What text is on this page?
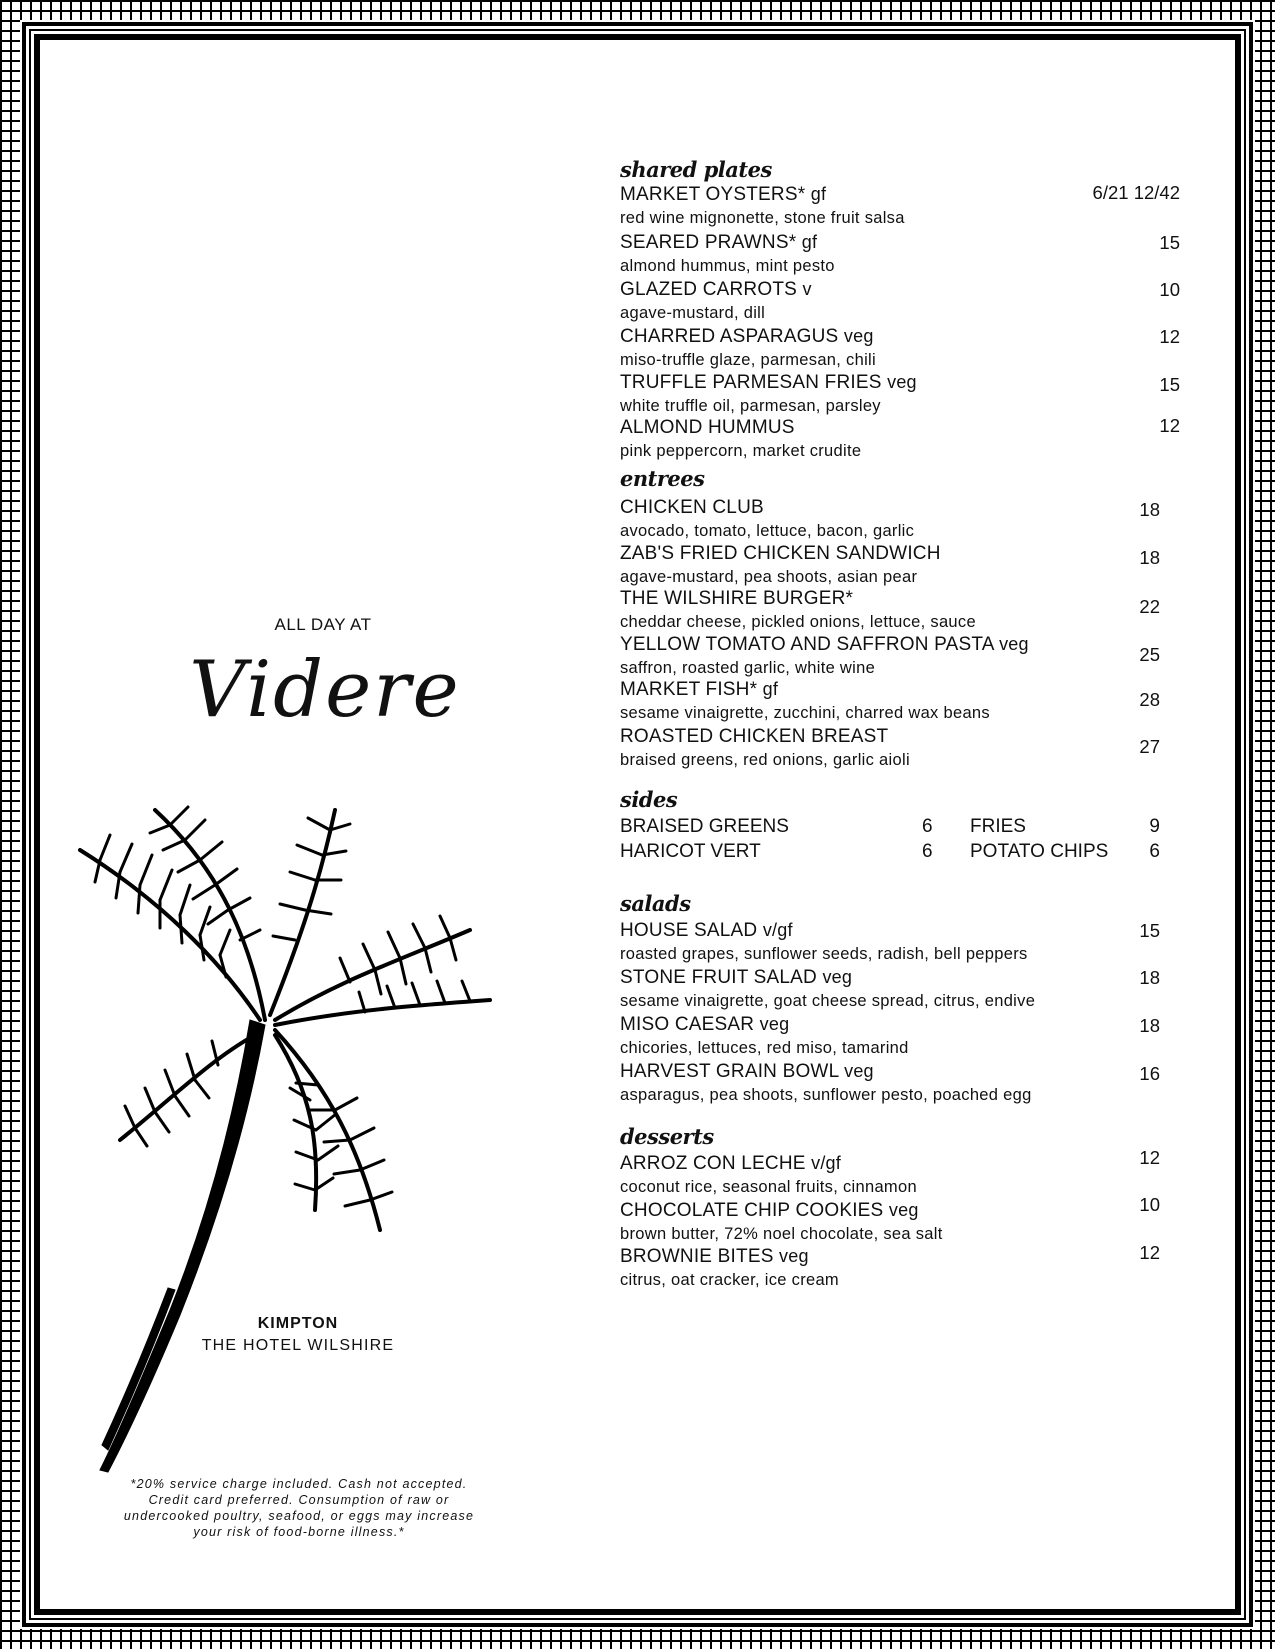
ALL DAY AT
Videre
KIMPTON
THE HOTEL WILSHIRE
*20% service charge included. Cash not accepted. Credit card preferred. Consumption of raw or undercooked poultry, seafood, or eggs may increase your risk of food-borne illness.*
shared plates
MARKET OYSTERS* gf
red wine mignonette, stone fruit salsa
6/21 12/42
SEARED PRAWNS* gf
almond hummus, mint pesto
15
GLAZED CARROTS v
agave-mustard, dill
10
CHARRED ASPARAGUS veg
miso-truffle glaze, parmesan, chili
12
TRUFFLE PARMESAN FRIES veg
white truffle oil, parmesan, parsley
15
ALMOND HUMMUS
pink peppercorn, market crudite
12
entrees
CHICKEN CLUB
avocado, tomato, lettuce, bacon, garlic
18
ZAB'S FRIED CHICKEN SANDWICH
agave-mustard, pea shoots, asian pear
18
THE WILSHIRE BURGER*
cheddar cheese, pickled onions, lettuce, sauce
22
YELLOW TOMATO AND SAFFRON PASTA veg
saffron, roasted garlic, white wine
25
MARKET FISH* gf
sesame vinaigrette, zucchini, charred wax beans
28
ROASTED CHICKEN BREAST
braised greens, red onions, garlic aioli
27
sides
BRAISED GREENS	6 FRIES	9
HARICOT VERT	6 POTATO CHIPS 6
salads
HOUSE SALAD v/gf
roasted grapes, sunflower seeds, radish, bell peppers
15
STONE FRUIT SALAD veg
sesame vinaigrette, goat cheese spread, citrus, endive
18
MISO CAESAR veg
chicories, lettuces, red miso, tamarind
18
HARVEST GRAIN BOWL veg
asparagus, pea shoots, sunflower pesto, poached egg
16
desserts
ARROZ CON LECHE v/gf
coconut rice, seasonal fruits, cinnamon
12
CHOCOLATE CHIP COOKIES veg
brown butter, 72% noel chocolate, sea salt
10
BROWNIE BITES veg
citrus, oat cracker, ice cream
12
